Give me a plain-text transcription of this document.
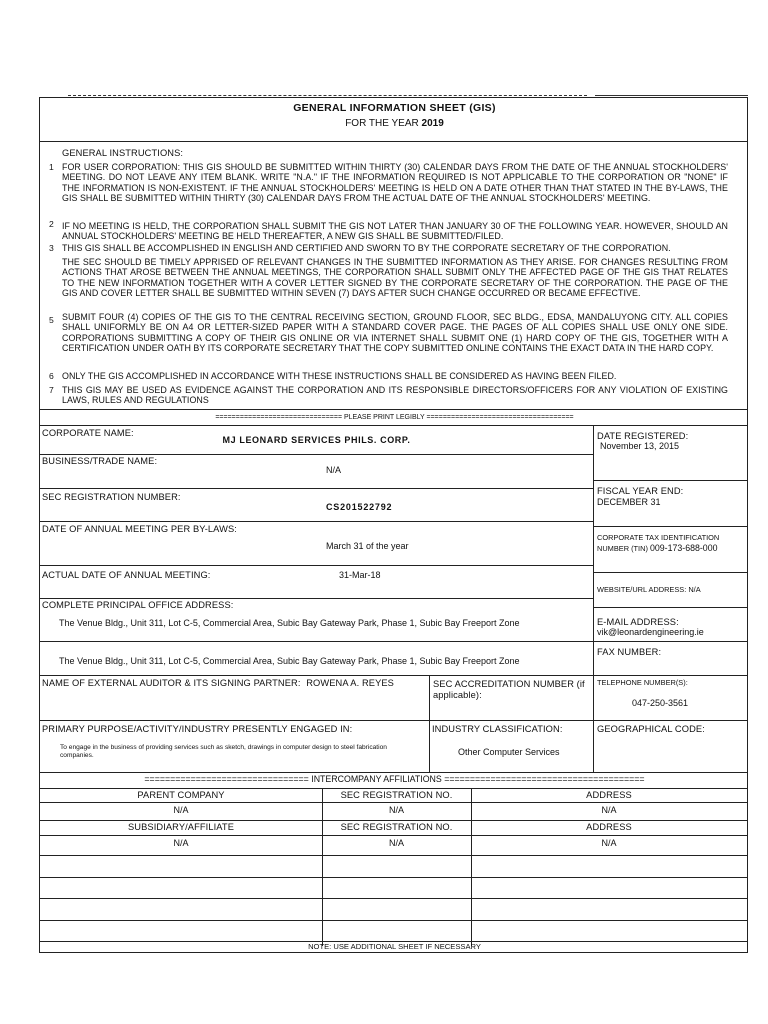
GENERAL INFORMATION SHEET (GIS)
FOR THE YEAR 2019
GENERAL INSTRUCTIONS:
1 FOR USER CORPORATION: THIS GIS SHOULD BE SUBMITTED WITHIN THIRTY (30) CALENDAR DAYS FROM THE DATE OF THE ANNUAL STOCKHOLDERS' MEETING. DO NOT LEAVE ANY ITEM BLANK. WRITE "N.A." IF THE INFORMATION REQUIRED IS NOT APPLICABLE TO THE CORPORATION OR "NONE" IF THE INFORMATION IS NON-EXISTENT. IF THE ANNUAL STOCKHOLDERS' MEETING IS HELD ON A DATE OTHER THAN THAT STATED IN THE BY-LAWS, THE GIS SHALL BE SUBMITTED WITHIN THIRTY (30) CALENDAR DAYS FROM THE ACTUAL DATE OF THE ANNUAL STOCKHOLDERS' MEETING.
2 IF NO MEETING IS HELD, THE CORPORATION SHALL SUBMIT THE GIS NOT LATER THAN JANUARY 30 OF THE FOLLOWING YEAR. HOWEVER, SHOULD AN ANNUAL STOCKHOLDERS' MEETING BE HELD THEREAFTER, A NEW GIS SHALL BE SUBMITTED/FILED.
3 THIS GIS SHALL BE ACCOMPLISHED IN ENGLISH AND CERTIFIED AND SWORN TO BY THE CORPORATE SECRETARY OF THE CORPORATION.
THE SEC SHOULD BE TIMELY APPRISED OF RELEVANT CHANGES IN THE SUBMITTED INFORMATION AS THEY ARISE. FOR CHANGES RESULTING FROM ACTIONS THAT AROSE BETWEEN THE ANNUAL MEETINGS, THE CORPORATION SHALL SUBMIT ONLY THE AFFECTED PAGE OF THE GIS THAT RELATES TO THE NEW INFORMATION TOGETHER WITH A COVER LETTER SIGNED BY THE CORPORATE SECRETARY OF THE CORPORATION. THE PAGE OF THE GIS AND COVER LETTER SHALL BE SUBMITTED WITHIN SEVEN (7) DAYS AFTER SUCH CHANGE OCCURRED OR BECAME EFFECTIVE.
5 SUBMIT FOUR (4) COPIES OF THE GIS TO THE CENTRAL RECEIVING SECTION, GROUND FLOOR, SEC BLDG., EDSA, MANDALUYONG CITY. ALL COPIES SHALL UNIFORMLY BE ON A4 OR LETTER-SIZED PAPER WITH A STANDARD COVER PAGE. THE PAGES OF ALL COPIES SHALL USE ONLY ONE SIDE. CORPORATIONS SUBMITTING A COPY OF THEIR GIS ONLINE OR VIA INTERNET SHALL SUBMIT ONE (1) HARD COPY OF THE GIS, TOGETHER WITH A CERTIFICATION UNDER OATH BY ITS CORPORATE SECRETARY THAT THE COPY SUBMITTED ONLINE CONTAINS THE EXACT DATA IN THE HARD COPY.
6 ONLY THE GIS ACCOMPLISHED IN ACCORDANCE WITH THESE INSTRUCTIONS SHALL BE CONSIDERED AS HAVING BEEN FILED.
7 THIS GIS MAY BE USED AS EVIDENCE AGAINST THE CORPORATION AND ITS RESPONSIBLE DIRECTORS/OFFICERS FOR ANY VIOLATION OF EXISTING LAWS, RULES AND REGULATIONS
=============================== PLEASE PRINT LEGIBLY ====================================
CORPORATE NAME:
MJ LEONARD SERVICES PHILS. CORP.
BUSINESS/TRADE NAME:
N/A
SEC REGISTRATION NUMBER:
CS201522792
DATE OF ANNUAL MEETING PER BY-LAWS:
March 31 of the year
ACTUAL DATE OF ANNUAL MEETING:	31-Mar-18
COMPLETE PRINCIPAL OFFICE ADDRESS:
The Venue Bldg., Unit 311, Lot C-5, Commercial Area, Subic Bay Gateway Park, Phase 1, Subic Bay Freeport Zone
The Venue Bldg., Unit 311, Lot C-5, Commercial Area, Subic Bay Gateway Park, Phase 1, Subic Bay Freeport Zone
DATE REGISTERED:
November 13, 2015
FISCAL YEAR END:
DECEMBER 31
CORPORATE TAX IDENTIFICATION NUMBER (TIN) 009-173-688-000
WEBSITE/URL ADDRESS: N/A
E-MAIL ADDRESS:
vik@leonardengineering.ie
FAX NUMBER:
NAME OF EXTERNAL AUDITOR & ITS SIGNING PARTNER: ROWENA A. REYES	SEC ACCREDITATION NUMBER (if applicable):
TELEPHONE NUMBER(S):
047-250-3561
PRIMARY PURPOSE/ACTIVITY/INDUSTRY PRESENTLY ENGAGED IN:
To engage in the business of providing services such as sketch, drawings in computer design to steel fabrication companies.
INDUSTRY CLASSIFICATION:
Other Computer Services
GEOGRAPHICAL CODE:
================================ INTERCOMPANY AFFILIATIONS =======================================
PARENT COMPANY	SEC REGISTRATION NO.	ADDRESS
N/A	N/A	N/A
SUBSIDIARY/AFFILIATE	SEC REGISTRATION NO.	ADDRESS
N/A	N/A	N/A
NOTE: USE ADDITIONAL SHEET IF NECESSARY
